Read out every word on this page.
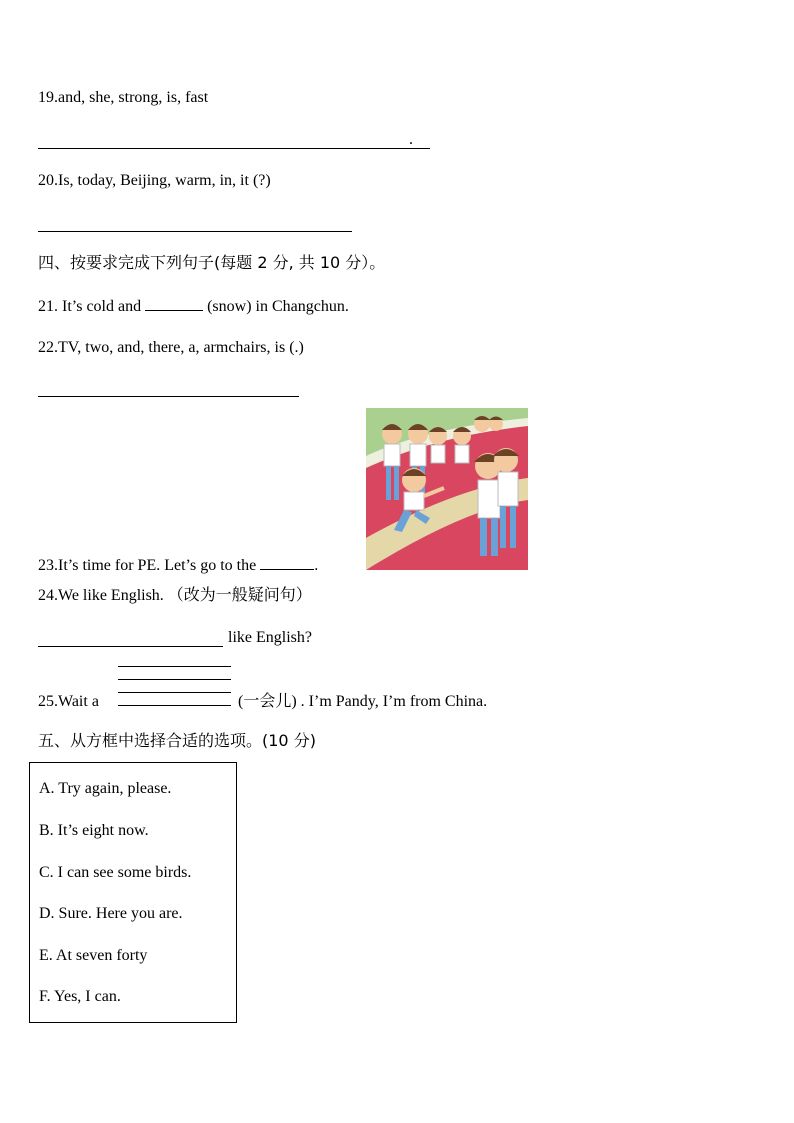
19.and, she, strong, is, fast
.
20.Is, today, Beijing, warm, in, it (?)
四、按要求完成下列句子(每题 2 分, 共 10 分）。
21. It’s cold and	(snow) in Changchun.
22.TV, two, and, there, a, armchairs, is (.)
23.It’s time for PE. Let’s go to the	.
24.We like English. （改为一般疑问句）
like English?
25.Wait a	(一会儿) . I’m Pandy, I’m from China.
五、从方框中选择合适的选项。(10 分)
A. Try again, please.
B. It’s eight now.
C. I can see some birds.
D. Sure. Here you are.
E. At seven forty
F. Yes, I can.
